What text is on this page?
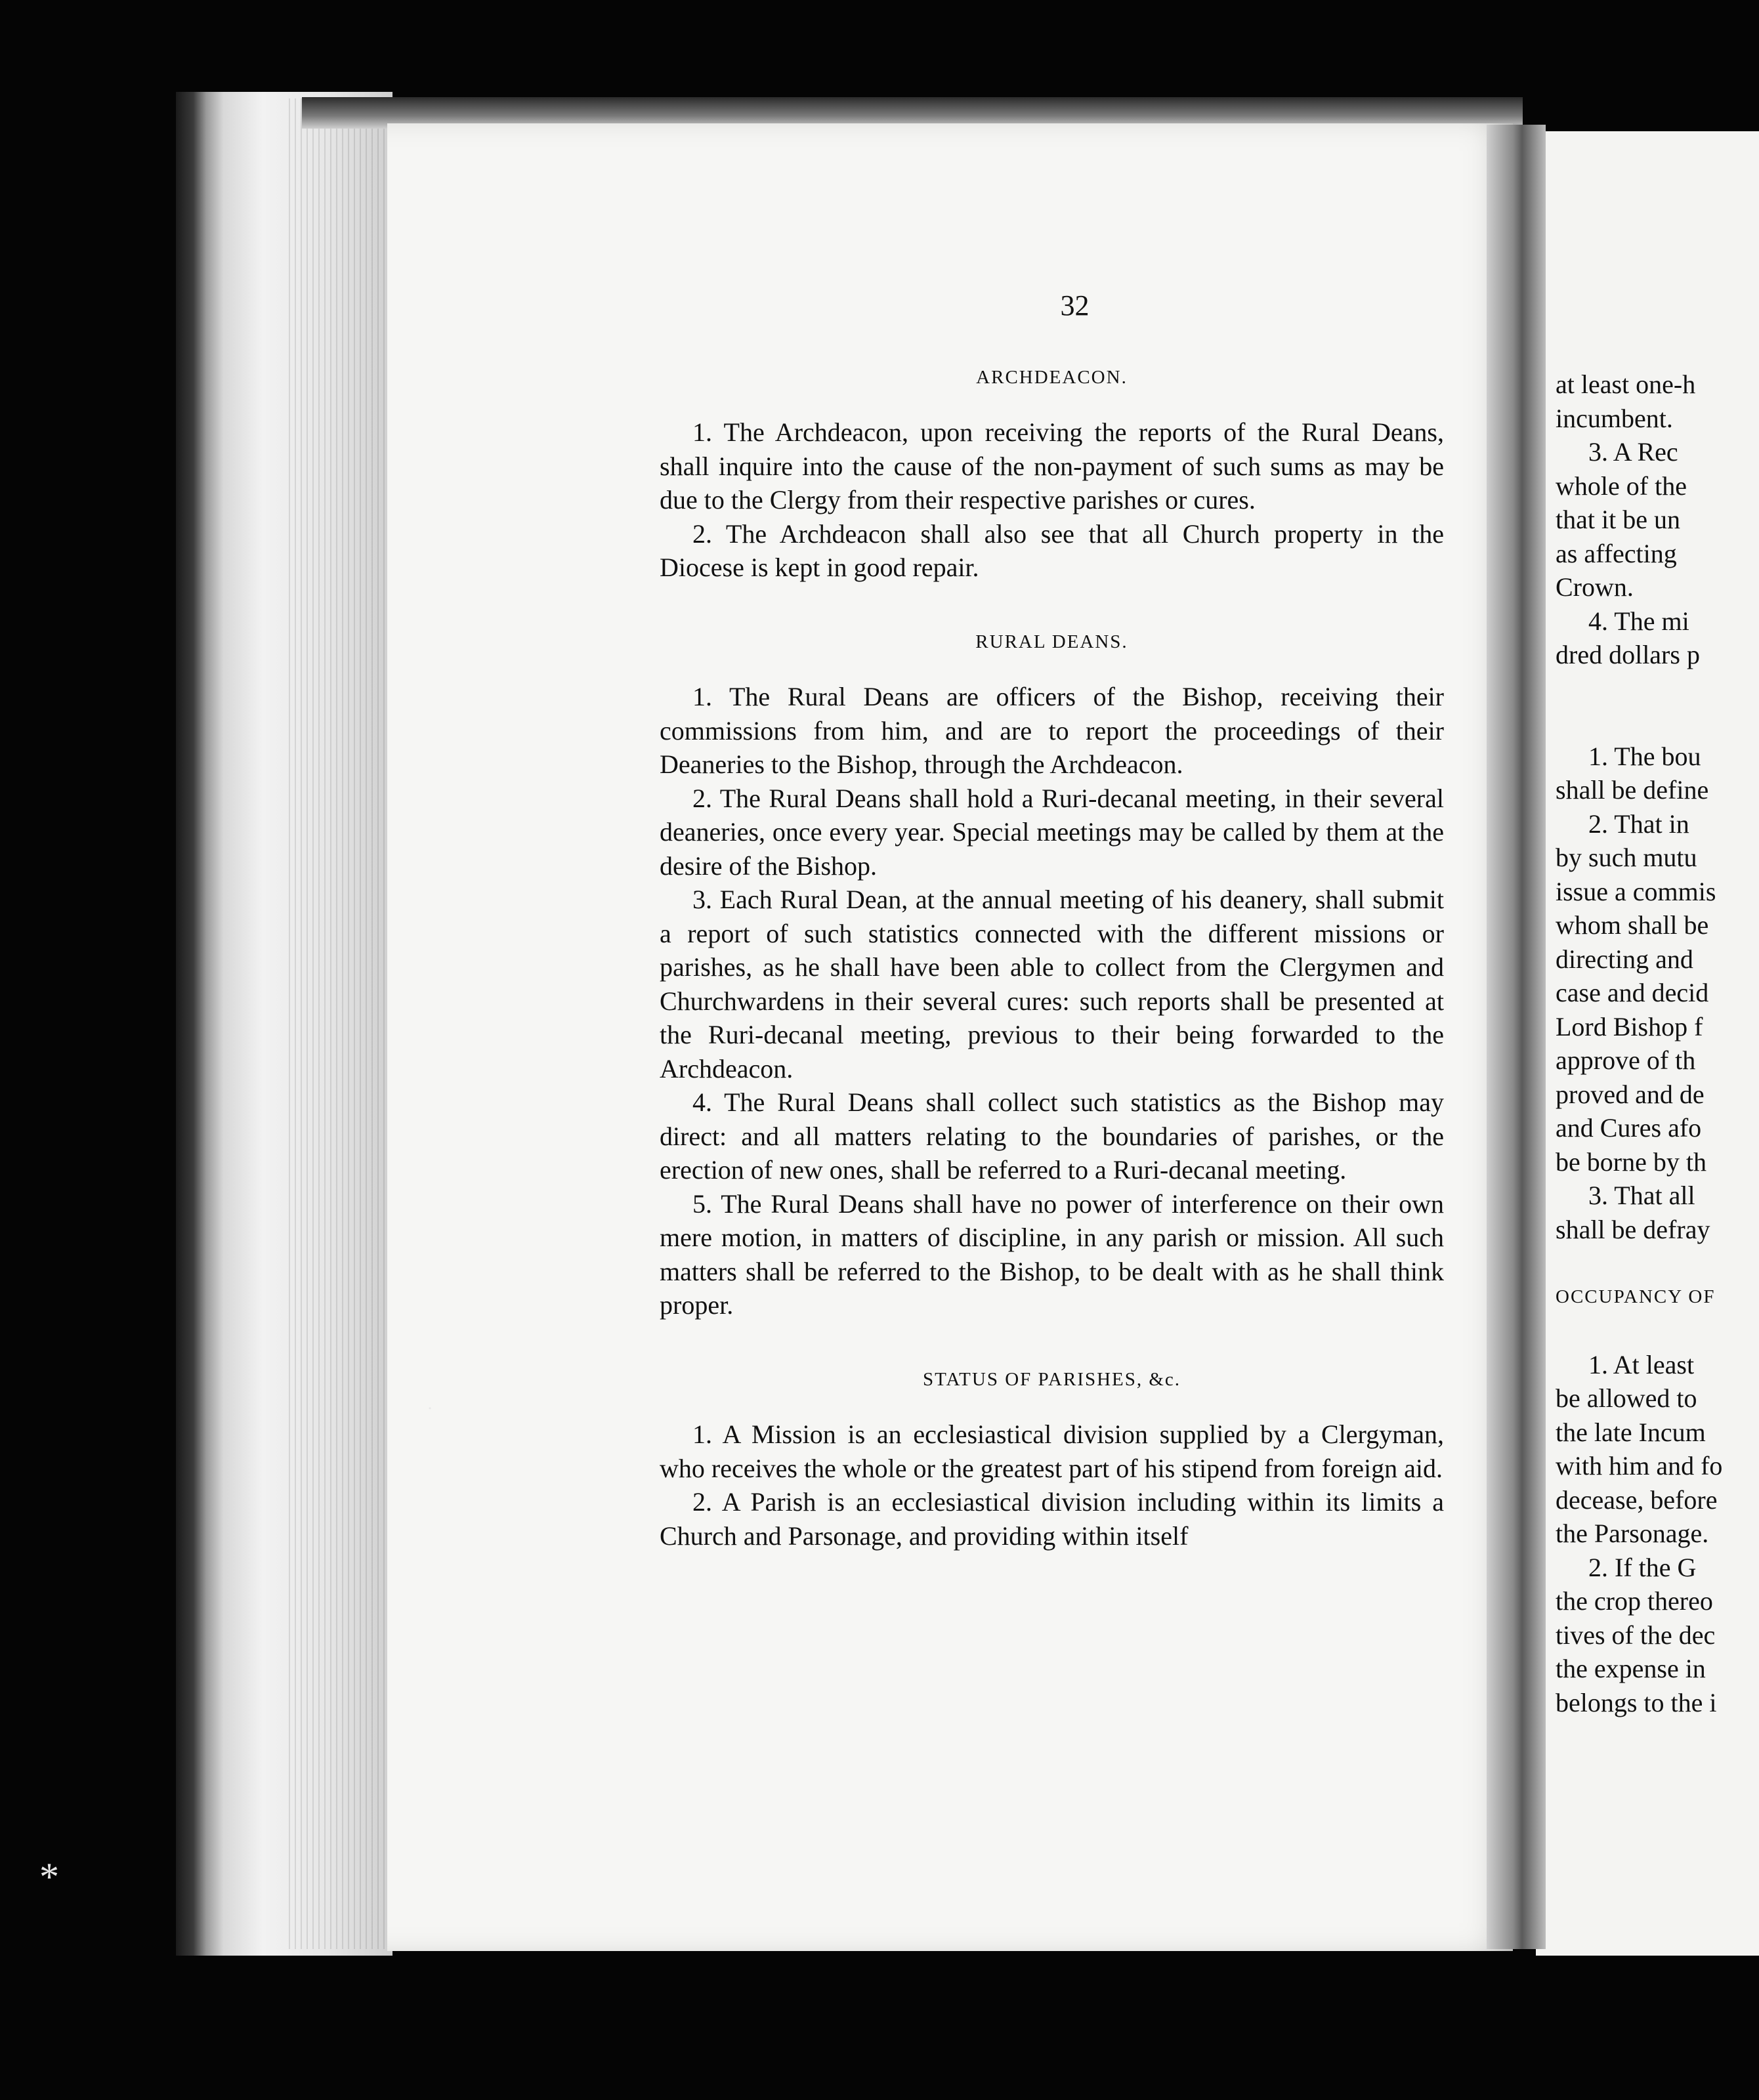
˙
*
32
ARCHDEACON.

1. The Archdeacon, upon receiving the reports of the Rural Deans, shall inquire into the cause of the non-payment of such sums as may be due to the Clergy from their respective parishes or cures.

2. The Archdeacon shall also see that all Church property in the Diocese is kept in good repair.

RURAL DEANS.

1. The Rural Deans are officers of the Bishop, receiving their commissions from him, and are to report the proceedings of their Deaneries to the Bishop, through the Archdeacon.

2. The Rural Deans shall hold a Ruri-decanal meeting, in their several deaneries, once every year. Special meetings may be called by them at the desire of the Bishop.

3. Each Rural Dean, at the annual meeting of his deanery, shall submit a report of such statistics connected with the different missions or parishes, as he shall have been able to collect from the Clergymen and Churchwardens in their several cures: such reports shall be presented at the Ruri-decanal meeting, previous to their being forwarded to the Archdeacon.

4. The Rural Deans shall collect such statistics as the Bishop may direct: and all matters relating to the boundaries of parishes, or the erection of new ones, shall be referred to a Ruri-decanal meeting.

5. The Rural Deans shall have no power of interference on their own mere motion, in matters of discipline, in any parish or mission. All such matters shall be referred to the Bishop, to be dealt with as he shall think proper.

STATUS OF PARISHES, &c.

1. A Mission is an ecclesiastical division supplied by a Clergyman, who receives the whole or the greatest part of his stipend from foreign aid.

2. A Parish is an ecclesiastical division including within its limits a Church and Parsonage, and providing within itself

at least one-h
incumbent.
3. A Rec
whole of the
that it be un
as affecting
Crown.
4. The mi
dred dollars p
1. The bou
shall be define
2. That in
by such mutu
issue a commis
whom shall be
directing and
case and decid
Lord Bishop f
approve of th
proved and de
and Cures afo
be borne by th
3. That all
shall be defray
OCCUPANCY OF
1. At least
be allowed to
the late Incum
with him and fo
decease, before
the Parsonage.
2. If the G
the crop thereo
tives of the dec
the expense in
belongs to the i
